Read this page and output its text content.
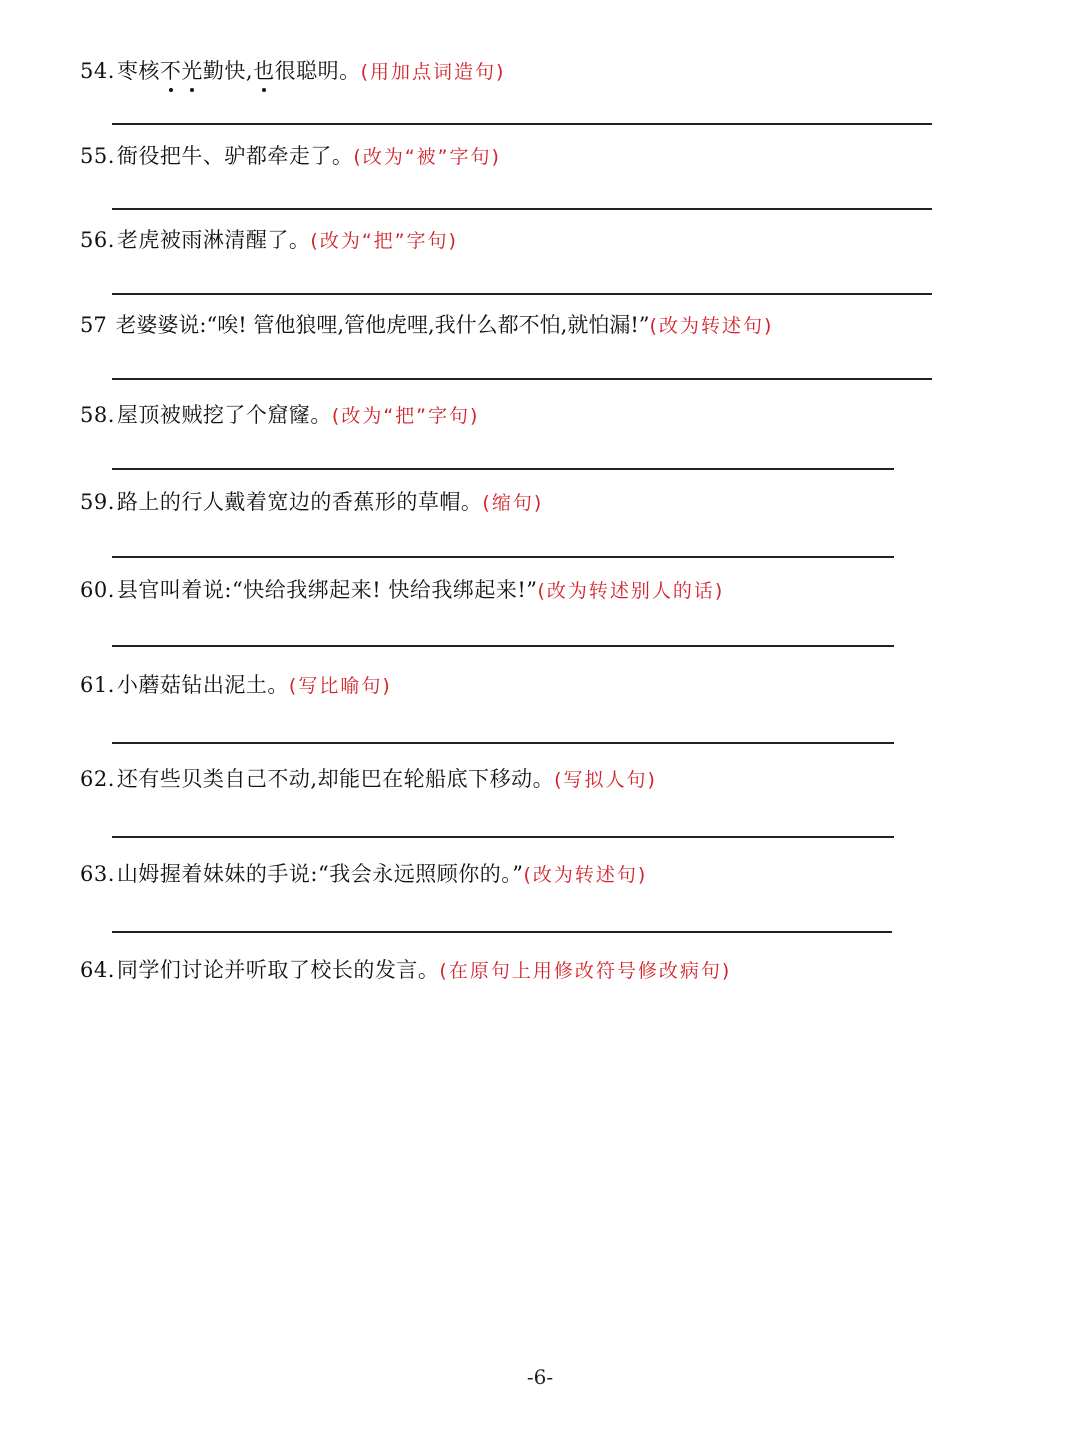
54.枣核不光勤快,也很聪明。(用加点词造句)
55.衙役把牛、驴都牵走了。(改为“被”字句)
56.老虎被雨淋清醒了。(改为“把”字句)
57 老婆婆说:“唉! 管他狼哩,管他虎哩,我什么都不怕,就怕漏!”(改为转述句)
58.屋顶被贼挖了个窟窿。(改为“把”字句)
59.路上的行人戴着宽边的香蕉形的草帽。(缩句)
60.县官叫着说:“快给我绑起来! 快给我绑起来!”(改为转述别人的话)
61.小蘑菇钻出泥土。(写比喻句)
62.还有些贝类自己不动,却能巴在轮船底下移动。(写拟人句)
63.山姆握着妹妹的手说:“我会永远照顾你的。”(改为转述句)
64.同学们讨论并听取了校长的发言。(在原句上用修改符号修改病句)
-6-
